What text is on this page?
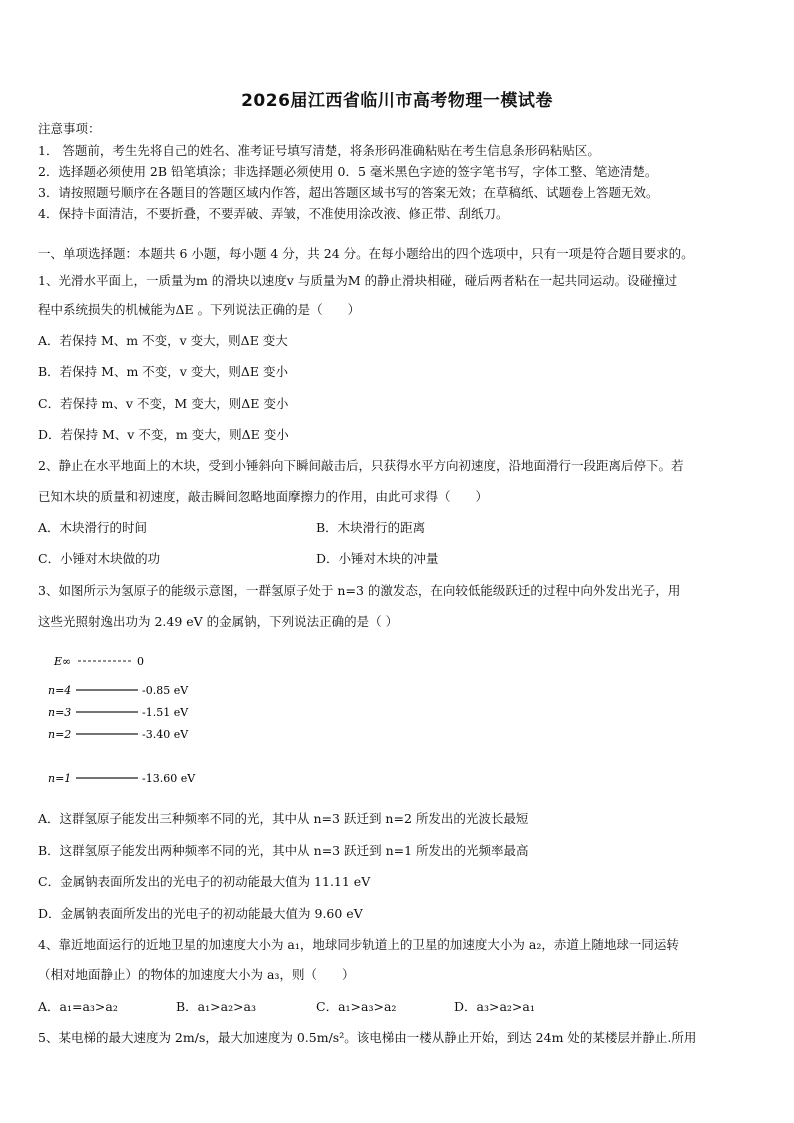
2026届江西省临川市高考物理一模试卷
注意事项：
1． 答题前，考生先将自己的姓名、准考证号填写清楚，将条形码准确粘贴在考生信息条形码粘贴区。
2．选择题必须使用 2B 铅笔填涂；非选择题必须使用 0．5 毫米黑色字迹的签字笔书写，字体工整、笔迹清楚。
3．请按照题号顺序在各题目的答题区域内作答，超出答题区域书写的答案无效；在草稿纸、试题卷上答题无效。
4．保持卡面清洁，不要折叠，不要弄破、弄皱，不准使用涂改液、修正带、刮纸刀。
一、单项选择题：本题共 6 小题，每小题 4 分，共 24 分。在每小题给出的四个选项中，只有一项是符合题目要求的。
1、光滑水平面上，一质量为m 的滑块以速度v 与质量为M 的静止滑块相碰，碰后两者粘在一起共同运动。设碰撞过
程中系统损失的机械能为ΔE 。下列说法正确的是（　　）
A．若保持 M、m 不变，v 变大，则ΔE 变大
B．若保持 M、m 不变，v 变大，则ΔE 变小
C．若保持 m、v 不变，M 变大，则ΔE 变小
D．若保持 M、v 不变，m 变大，则ΔE 变小
2、静止在水平地面上的木块，受到小锤斜向下瞬间敲击后，只获得水平方向初速度，沿地面滑行一段距离后停下。若
已知木块的质量和初速度，敲击瞬间忽略地面摩擦力的作用，由此可求得（　　）
A．木块滑行的时间	B．木块滑行的距离
C．小锤对木块做的功	D．小锤对木块的冲量
3、如图所示为氢原子的能级示意图，一群氢原子处于 n=3 的激发态，在向较低能级跃迁的过程中向外发出光子，用
这些光照射逸出功为 2.49 eV 的金属钠，下列说法正确的是（ ）
E∞	0
n=4	-0.85 eV
n=3	-1.51 eV
n=2	-3.40 eV
n=1	-13.60 eV
A．这群氢原子能发出三种频率不同的光，其中从 n=3 跃迁到 n=2 所发出的光波长最短
B．这群氢原子能发出两种频率不同的光，其中从 n=3 跃迁到 n=1 所发出的光频率最高
C．金属钠表面所发出的光电子的初动能最大值为 11.11 eV
D．金属钠表面所发出的光电子的初动能最大值为 9.60 eV
4、靠近地面运行的近地卫星的加速度大小为 a₁，地球同步轨道上的卫星的加速度大小为 a₂，赤道上随地球一同运转
（相对地面静止）的物体的加速度大小为 a₃，则（　　）
A．a₁=a₃>a₂	B．a₁>a₂>a₃	C．a₁>a₃>a₂	D．a₃>a₂>a₁
5、某电梯的最大速度为 2m/s，最大加速度为 0.5m/s²。该电梯由一楼从静止开始，到达 24m 处的某楼层并静止.所用
